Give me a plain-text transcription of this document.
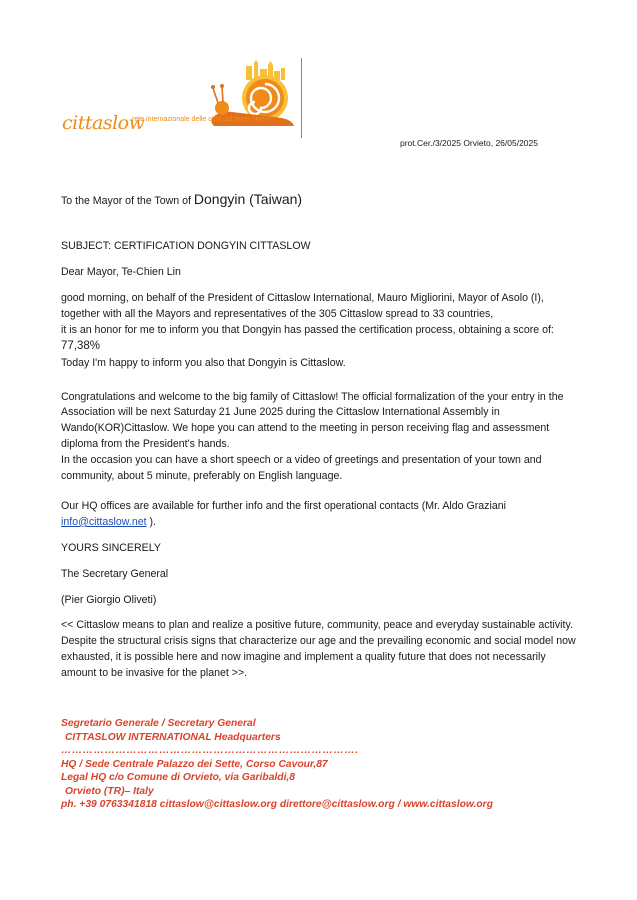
cittaslow
rete internazionale delle città del buon vivere
prot.Cer./3/2025 Orvieto, 26/05/2025

To the Mayor of the Town of Dongyin (Taiwan)

SUBJECT: CERTIFICATION DONGYIN CITTASLOW

Dear Mayor, Te-Chien Lin

good morning, on behalf of the President of Cittaslow International, Mauro Migliorini, Mayor of Asolo (I), together with all the Mayors and representatives of the 305 Cittaslow spread to 33 countries,
it is an honor for me to inform you that Dongyin has passed the certification process, obtaining a score of: 77,38%
Today I'm happy to inform you also that Dongyin is Cittaslow.

Congratulations and welcome to the big family of Cittaslow! The official formalization of the your entry in the Association will be next Saturday 21 June 2025 during the Cittaslow International Assembly in Wando(KOR)Cittaslow. We hope you can attend to the meeting in person receiving flag and assessment diploma from the President's hands.
In the occasion you can have a short speech or a video of greetings and presentation of your town and community, about 5 minute, preferably on English language.

Our HQ offices are available for further info and the first operational contacts (Mr. Aldo Graziani info@cittaslow.net ).

YOURS SINCERELY

The Secretary General

(Pier Giorgio Oliveti)

<< Cittaslow means to plan and realize a positive future, community, peace and everyday sustainable activity. Despite the structural crisis signs that characterize our age and the prevailing economic and social model now exhausted, it is possible here and now imagine and implement a quality future that does not necessarily amount to be invasive for the planet >>.

Segretario Generale / Secretary General
CITTASLOW INTERNATIONAL Headquarters
……………………………………………………………………….
HQ / Sede Centrale Palazzo dei Sette, Corso Cavour,87
Legal HQ c/o Comune di Orvieto, via Garibaldi,8
Orvieto (TR)– Italy
ph. +39 0763341818 cittaslow@cittaslow.org direttore@cittaslow.org / www.cittaslow.org
